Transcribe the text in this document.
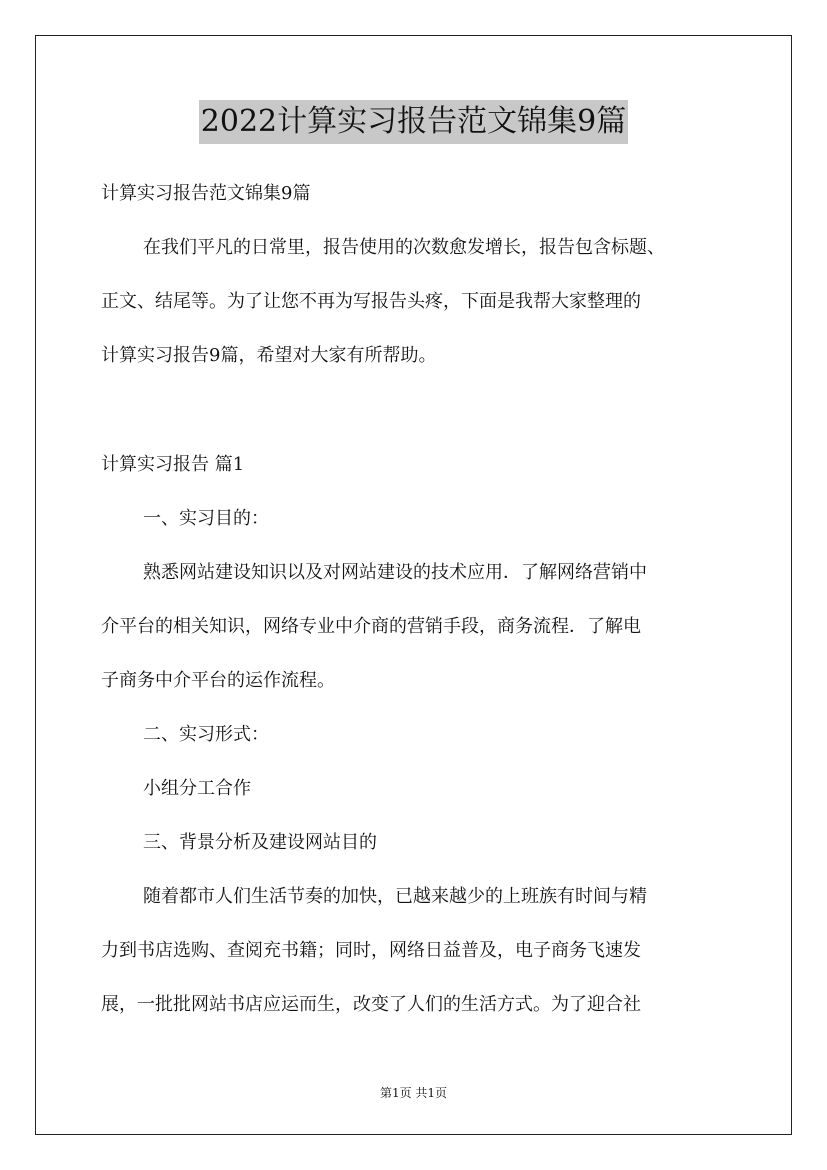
2022计算实习报告范文锦集9篇
计算实习报告范文锦集9篇
在我们平凡的日常里，报告使用的次数愈发增长，报告包含标题、
正文、结尾等。为了让您不再为写报告头疼，下面是我帮大家整理的
计算实习报告9篇，希望对大家有所帮助。
计算实习报告 篇1
一、实习目的：
熟悉网站建设知识以及对网站建设的技术应用．了解网络营销中
介平台的相关知识，网络专业中介商的营销手段，商务流程．了解电
子商务中介平台的运作流程。
二、实习形式：
小组分工合作
三、背景分析及建设网站目的
随着都市人们生活节奏的加快，已越来越少的上班族有时间与精
力到书店选购、查阅充书籍；同时，网络日益普及，电子商务飞速发
展，一批批网站书店应运而生，改变了人们的生活方式。为了迎合社
第1页 共1页
